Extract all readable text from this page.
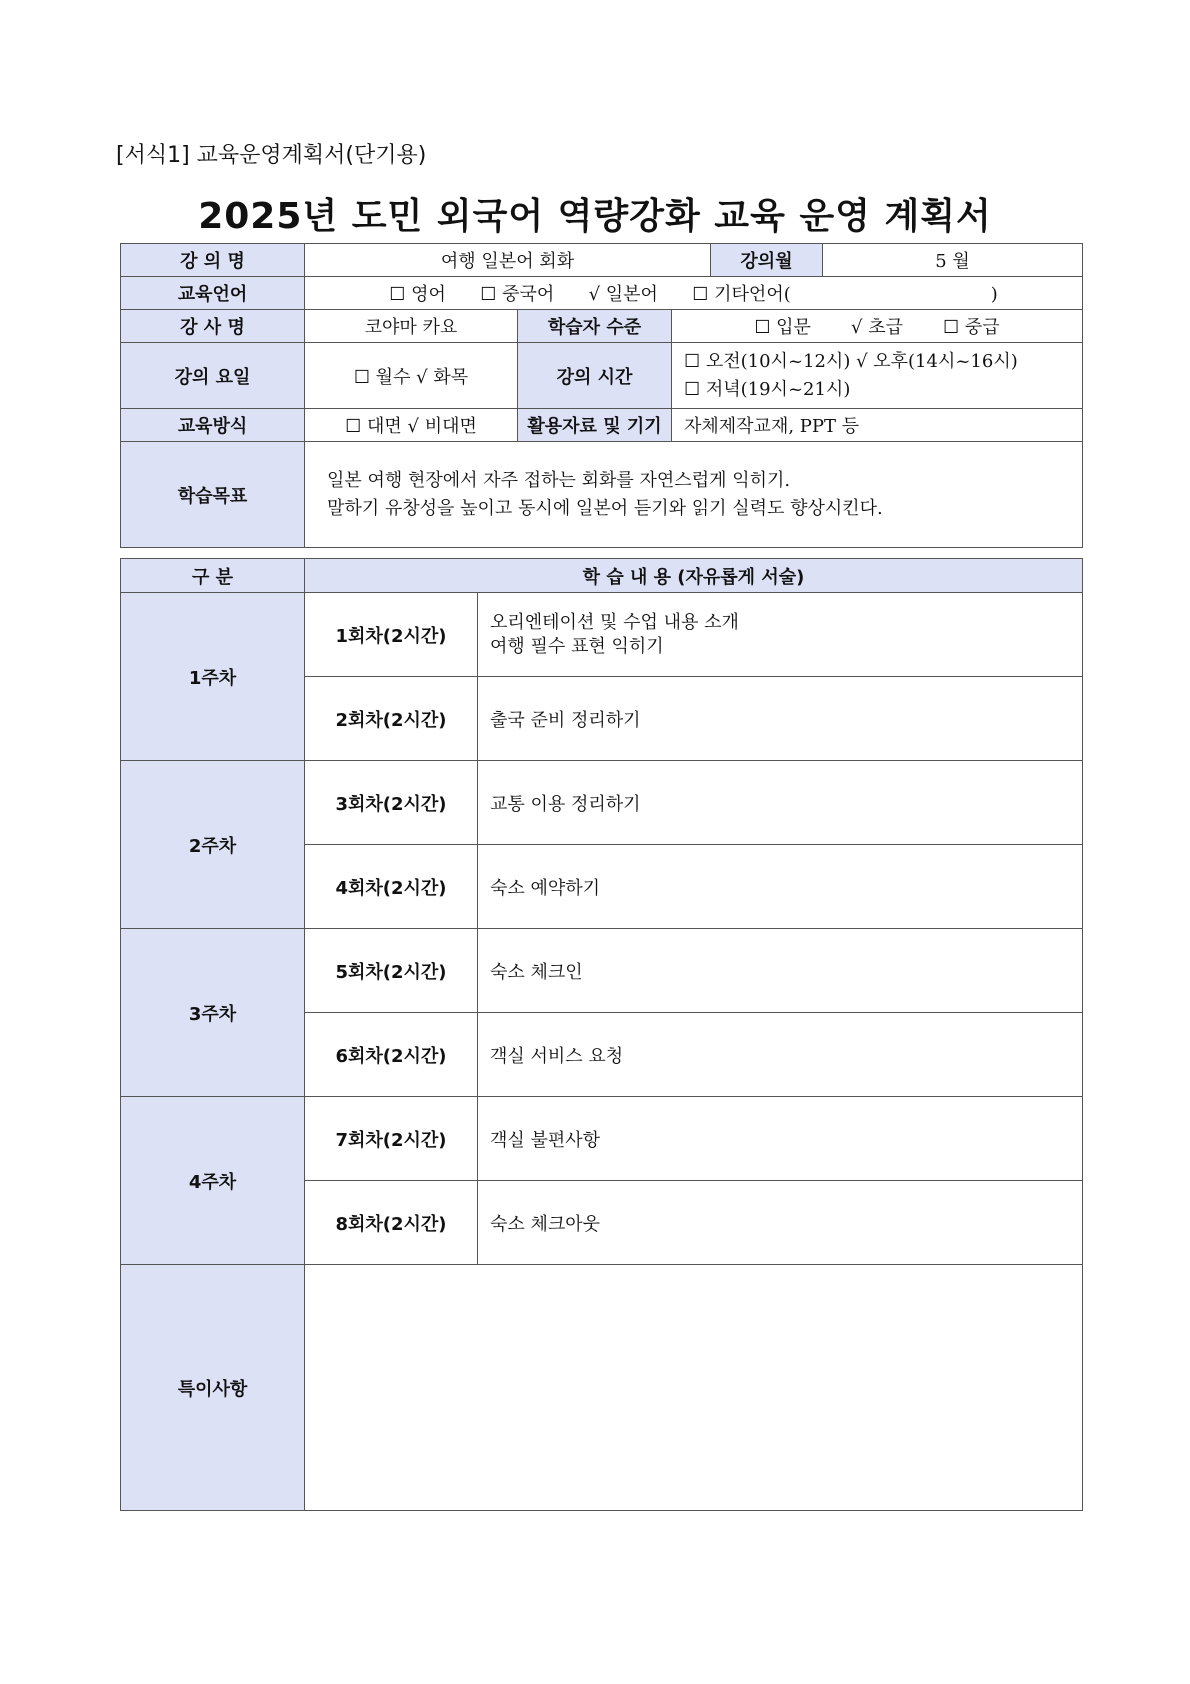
[서식1] 교육운영계획서(단기용)
2025년 도민 외국어 역량강화 교육 운영 계획서
강 의 명	여행 일본어 회화			강의월	5 월
교육언어	☐ 영어 ☐ 중국어 √ 일본어 ☐ 기타언어( )				
강 사 명	코야마 카요	학습자 수준	☐ 입문 √ 초급 ☐ 중급		
강의 요일	☐ 월수 √ 화목	강의 시간	☐ 오전(10시~12시) √ 오후(14시~16시)
☐ 저녁(19시~21시)		

교육방식	☐ 대면 √ 비대면	활용자료 및 기기	자체제작교재, PPT 등		
학습목표	일본 여행 현장에서 자주 접하는 회화를 자연스럽게 익히기.
말하기 유창성을 높이고 동시에 일본어 듣기와 읽기 실력도 향상시킨다.				
구 분	학 습 내 용 (자유롭게 서술)	
1주차	1회차(2시간)	오리엔테이션 및 수업 내용 소개
여행 필수 표현 익히기

	2회차(2시간)	출국 준비 정리하기
2주차	3회차(2시간)	교통 이용 정리하기
	4회차(2시간)	숙소 예약하기
3주차	5회차(2시간)	숙소 체크인
	6회차(2시간)	객실 서비스 요청
4주차	7회차(2시간)	객실 불편사항
	8회차(2시간)	숙소 체크아웃
특이사항		
